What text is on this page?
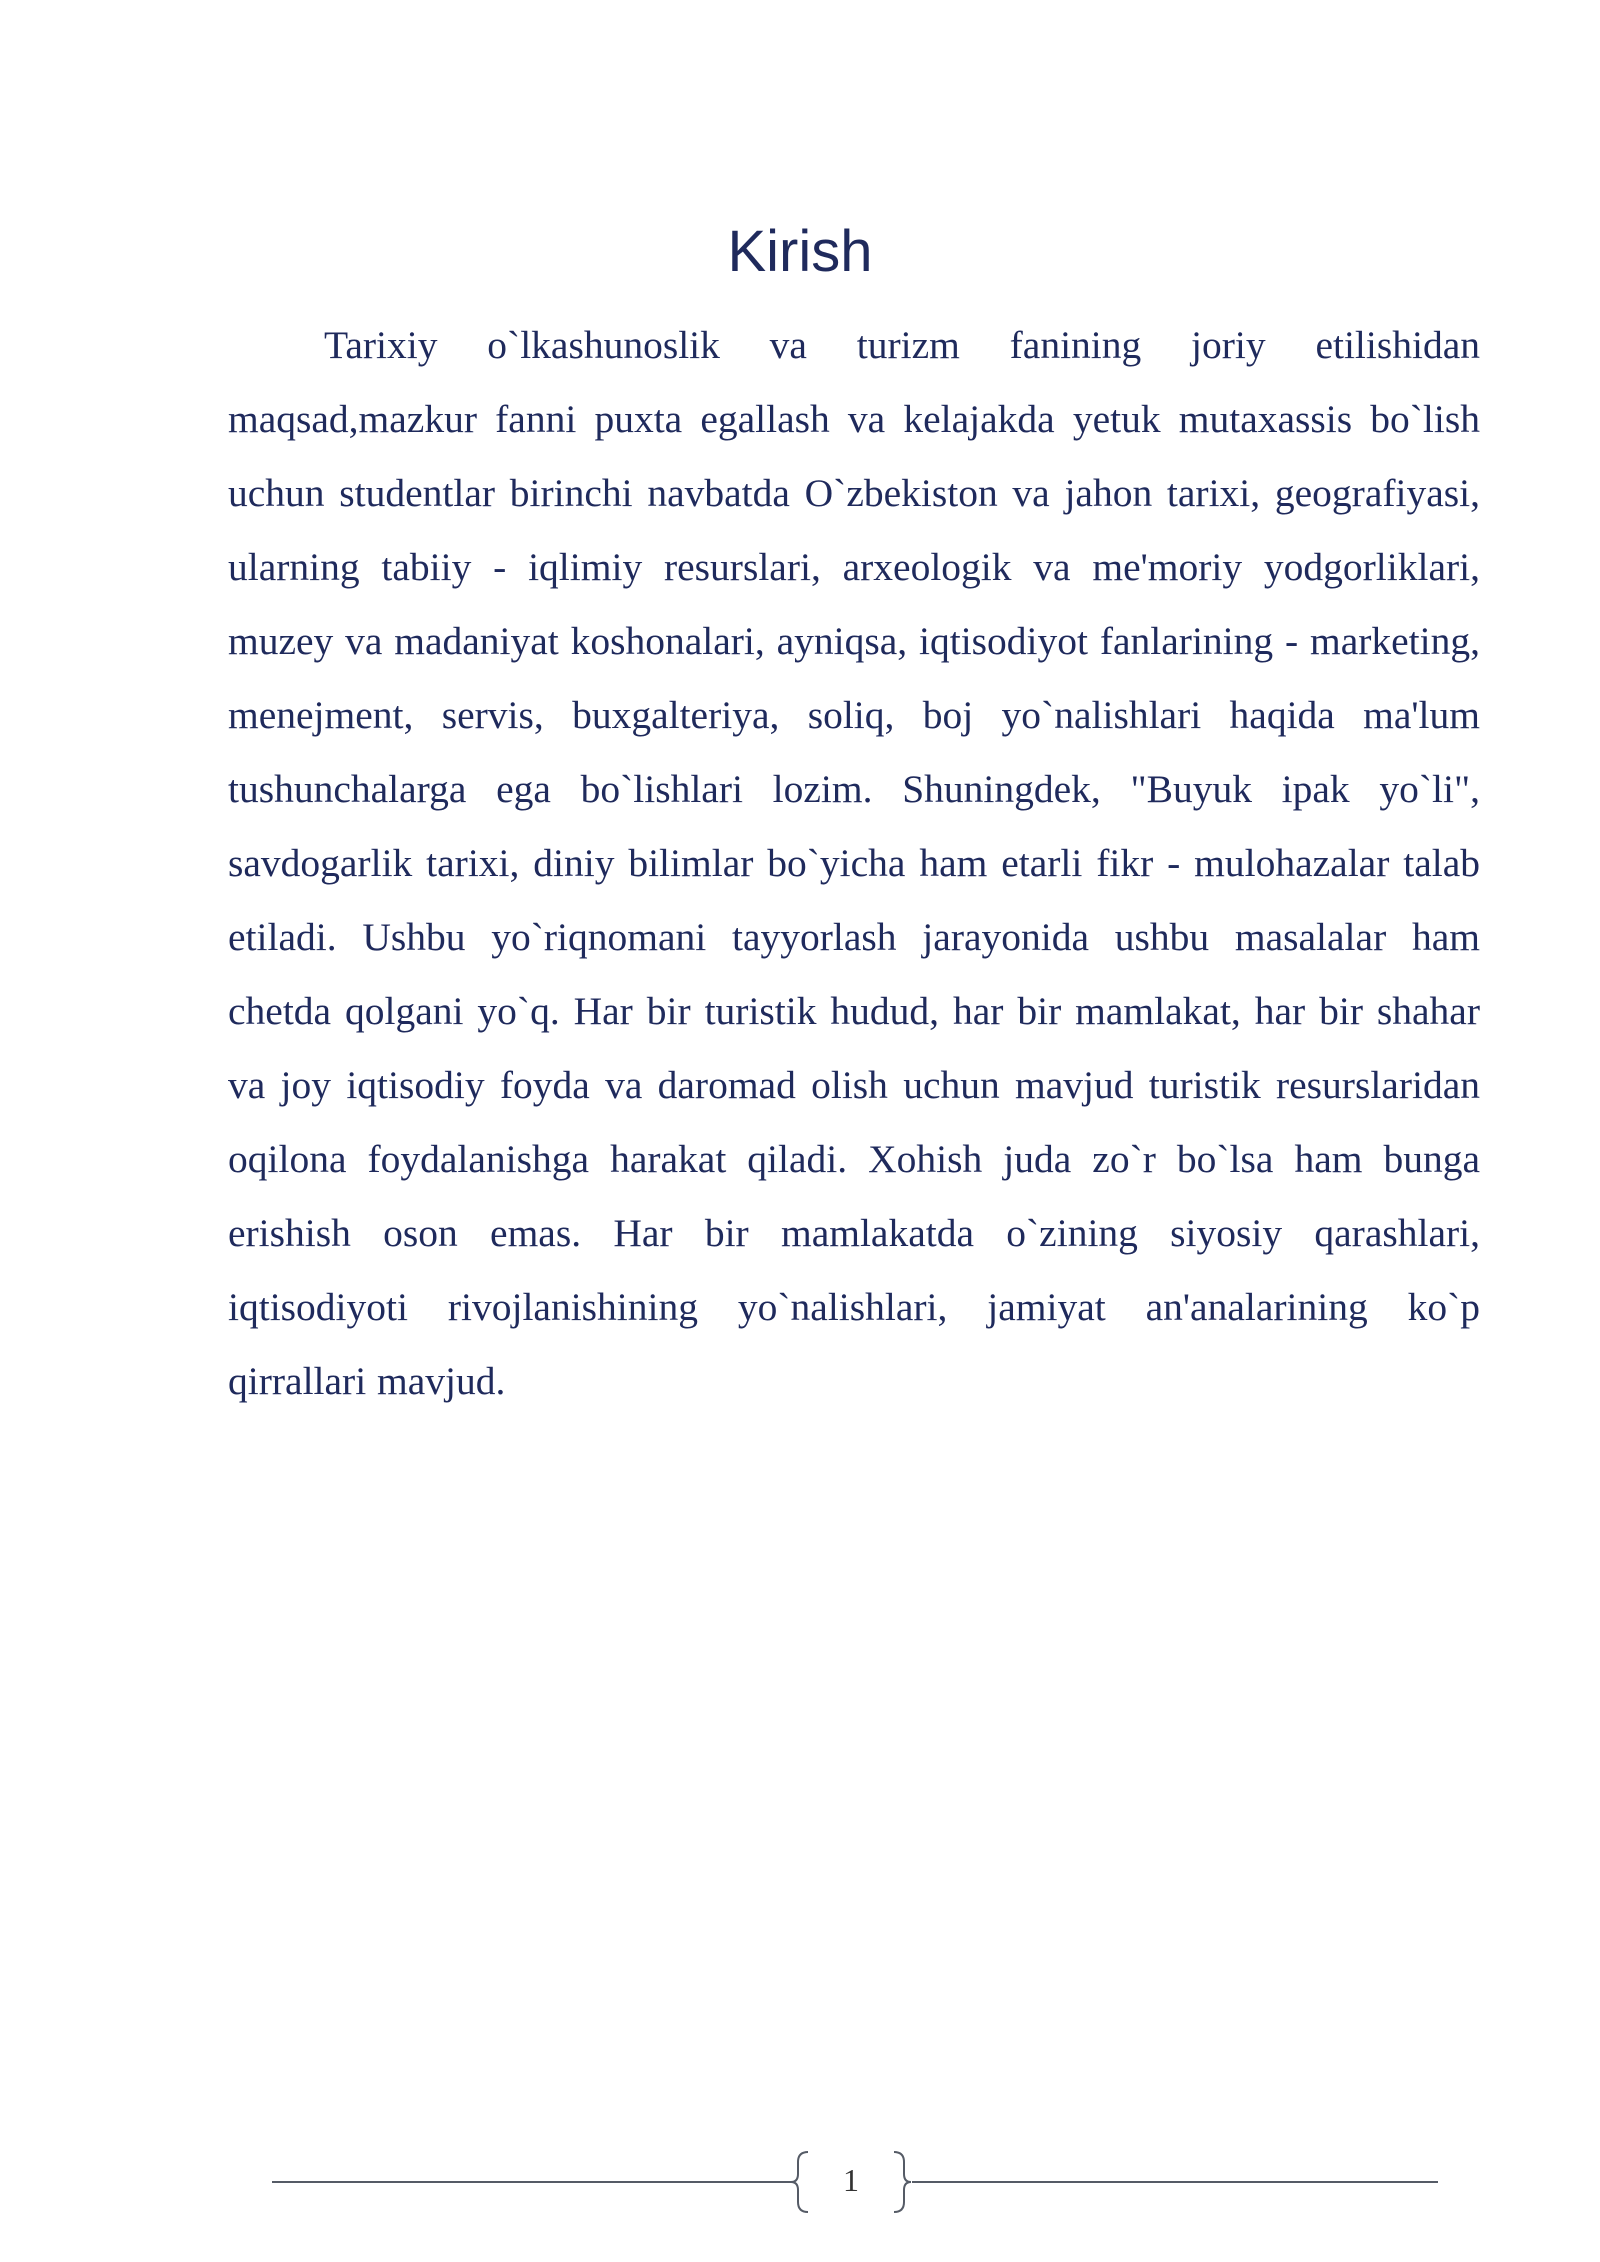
Kirish

Tarixiy o`lkashunoslik va turizm fanining joriy etilishidan maqsad,mazkur fanni puxta egallash va kelajakda yetuk mutaxassis bo`lish uchun studentlar birinchi navbatda O`zbekiston va jahon tarixi, geografiyasi, ularning tabiiy - iqlimiy resurslari, arxeologik va me'moriy yodgorliklari, muzey va madaniyat koshonalari, ayniqsa, iqtisodiyot fanlarining - marketing, menejment, servis, buxgalteriya, soliq, boj yo`nalishlari haqida ma'lum tushunchalarga ega bo`lishlari lozim. Shuningdek, "Buyuk ipak yo`li", savdogarlik tarixi, diniy bilimlar bo`yicha ham etarli fikr - mulohazalar talab etiladi. Ushbu yo`riqnomani tayyorlash jarayonida ushbu masalalar ham chetda qolgani yo`q. Har bir turistik hudud, har bir mamlakat, har bir shahar va joy iqtisodiy foyda va daromad olish uchun mavjud turistik resurslaridan oqilona foydalanishga harakat qiladi. Xohish juda zo`r bo`lsa ham bunga erishish oson emas. Har bir mamlakatda o`zining siyosiy qarashlari, iqtisodiyoti rivojlanishining yo`nalishlari, jamiyat an'analarining ko`p qirrallari mavjud.

1
